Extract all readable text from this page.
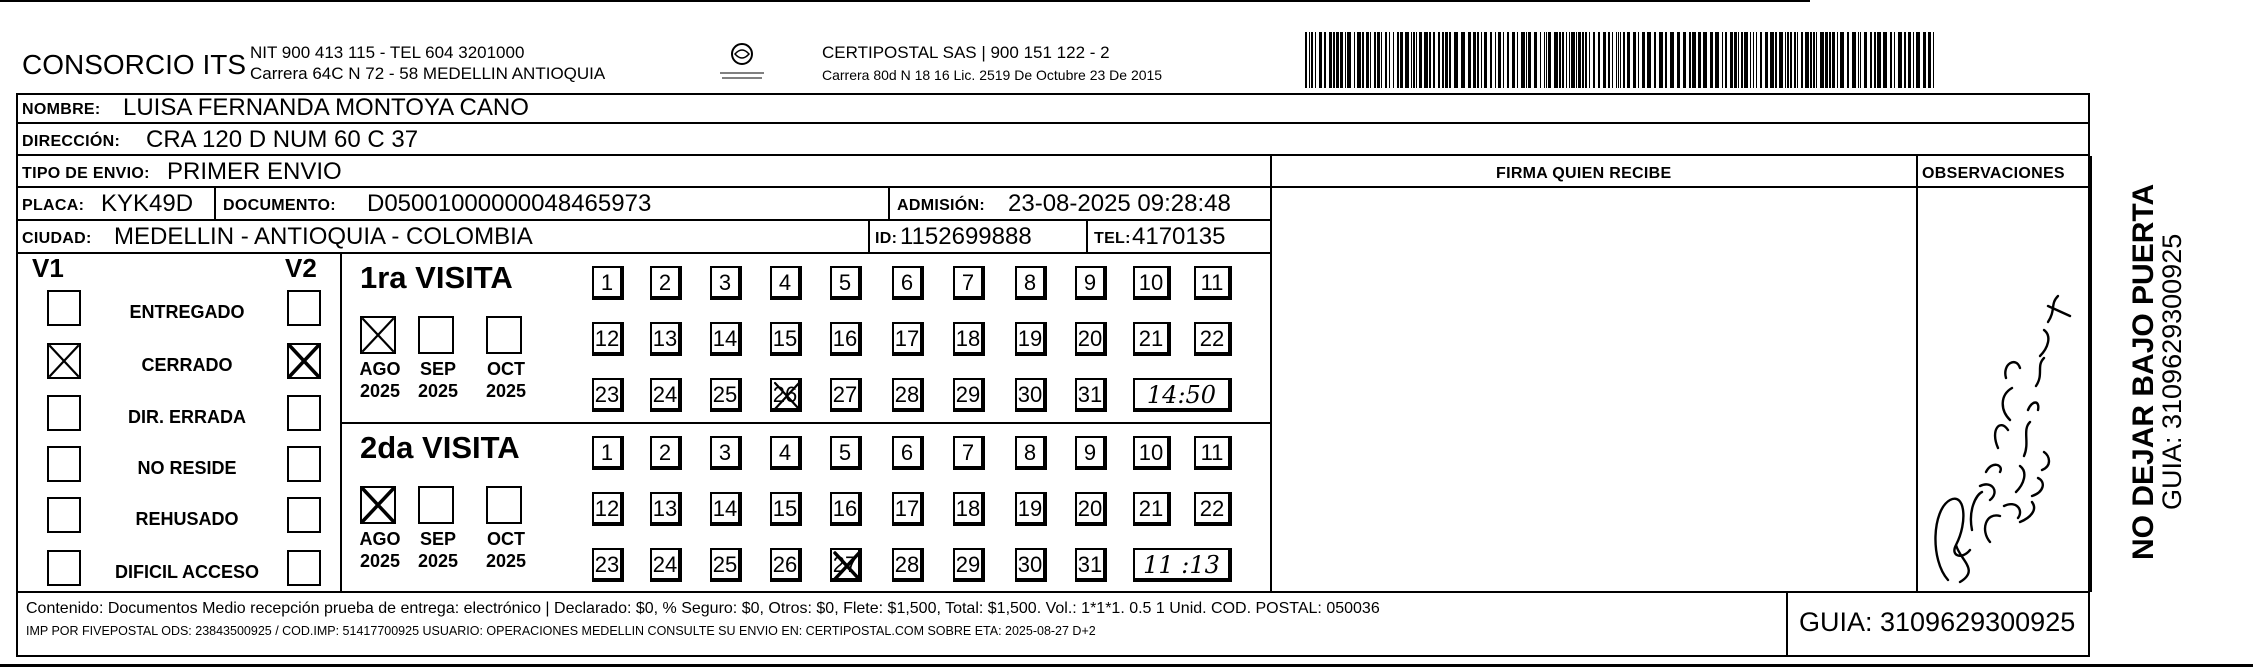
CONSORCIO ITS NIT 900 413 115 - TEL 604 3201000
Carrera 64C N 72 - 58 MEDELLIN ANTIOQUIA
CERTIPOSTAL SAS | 900 151 122 - 2
Carrera 80d N 18 16 Lic. 2519 De Octubre 23 De 2015
NOMBRE: LUISA FERNANDA MONTOYA CANO
DIRECCIÓN: CRA 120 D NUM 60 C 37
TIPO DE ENVIO: PRIMER ENVIO	FIRMA QUIEN RECIBE	OBSERVACIONES
PLACA: KYK49D DOCUMENTO: D05001000000048465973	ADMISIÓN: 23-08-2025 09:28:48
CIUDAD: MEDELLIN - ANTIOQUIA - COLOMBIA	ID: 1152699888	TEL: 4170135
V1	V2
ENTREGADO
CERRADO
DIR. ERRADA
NO RESIDE
REHUSADO
DIFICIL ACCESO
1ra VISITA
AGO
2025
SEP
2025
OCT
2025
1	2	3	4	5	6	7	8	9	10	11
12 13 14 15 16 17 18 19 20 21	22
23 24 25 26 27 28 29 30 31	14:50
2da VISITA
AGO
2025
SEP
2025
OCT
2025
1	2	3	4	5	6	7	8	9	10	11
12 13 14 15 16 17 18 19 20 21	22
23 24 25 26 27 28 29 30 31	11 :13
NO DEJAR BAJO PUERTA
GUIA: 3109629300925
Contenido: Documentos Medio recepción prueba de entrega: electrónico | Declarado: $0, % Seguro: $0, Otros: $0, Flete: $1,500, Total: $1,500. Vol.: 1*1*1. 0.5 1 Unid. COD. POSTAL: 050036
IMP POR FIVEPOSTAL ODS: 23843500925 / COD.IMP: 51417700925 USUARIO: OPERACIONES MEDELLIN CONSULTE SU ENVIO EN: CERTIPOSTAL.COM SOBRE ETA: 2025-08-27 D+2	GUIA: 3109629300925
